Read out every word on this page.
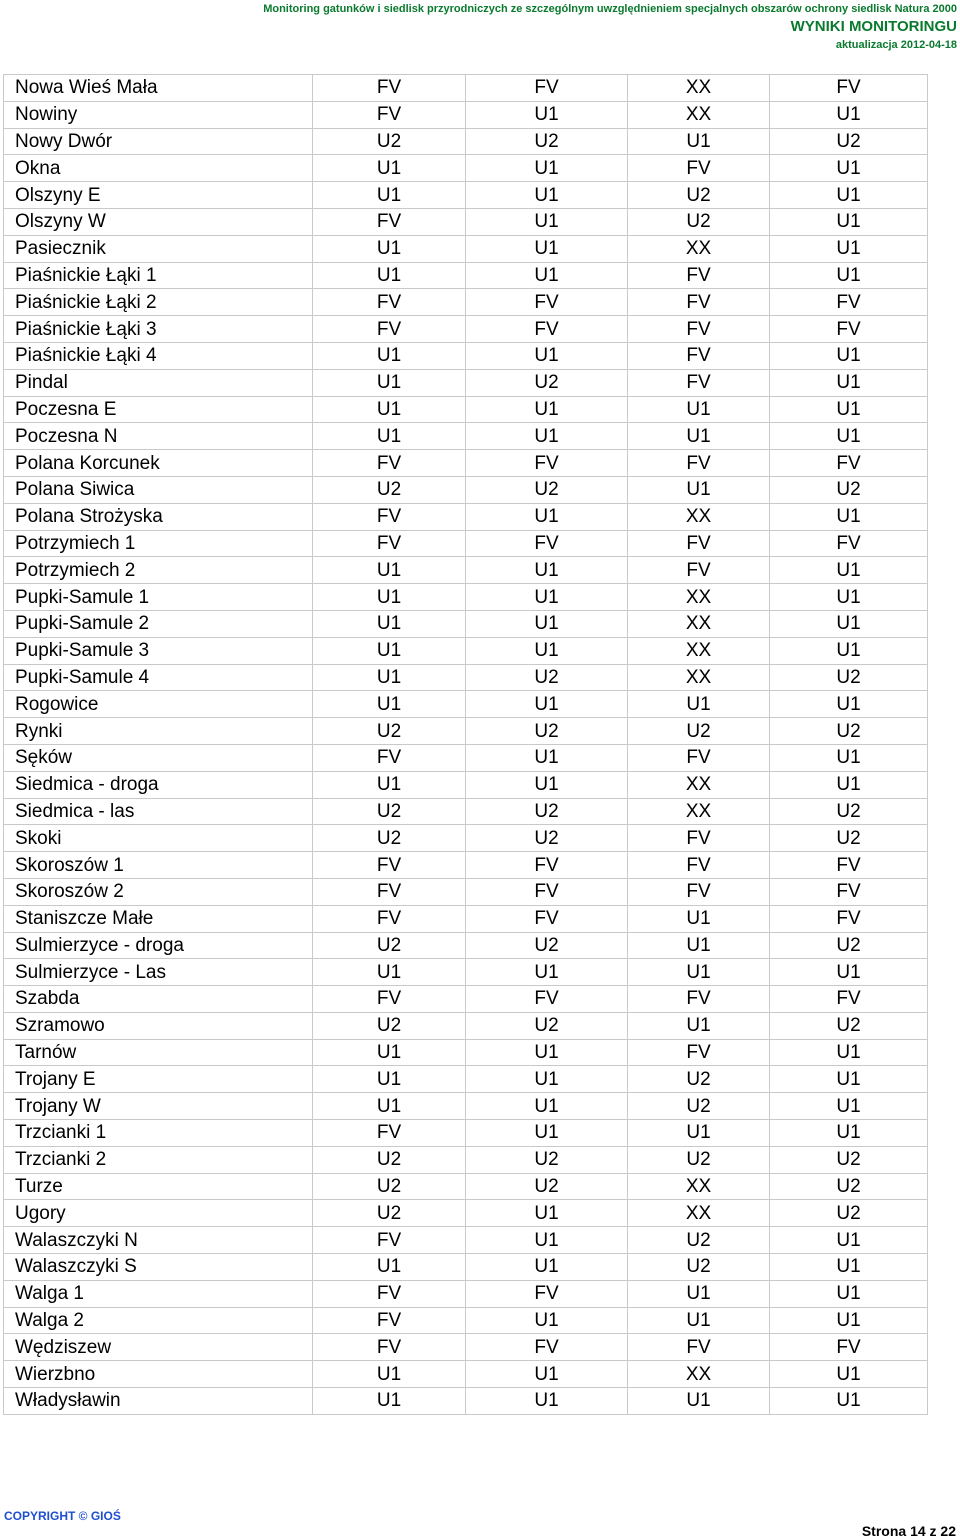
Monitoring gatunków i siedlisk przyrodniczych ze szczególnym uwzględnieniem specjalnych obszarów ochrony siedlisk Natura 2000
WYNIKI MONITORINGU
aktualizacja 2012-04-18
Nowa Wieś Mała	FV	FV	XX	FV
Nowiny	FV	U1	XX	U1
Nowy Dwór	U2	U2	U1	U2
Okna	U1	U1	FV	U1
Olszyny E	U1	U1	U2	U1
Olszyny W	FV	U1	U2	U1
Pasiecznik	U1	U1	XX	U1
Piaśnickie Łąki 1	U1	U1	FV	U1
Piaśnickie Łąki 2	FV	FV	FV	FV
Piaśnickie Łąki 3	FV	FV	FV	FV
Piaśnickie Łąki 4	U1	U1	FV	U1
Pindal	U1	U2	FV	U1
Poczesna E	U1	U1	U1	U1
Poczesna N	U1	U1	U1	U1
Polana Korcunek	FV	FV	FV	FV
Polana Siwica	U2	U2	U1	U2
Polana Strożyska	FV	U1	XX	U1
Potrzymiech 1	FV	FV	FV	FV
Potrzymiech 2	U1	U1	FV	U1
Pupki-Samule 1	U1	U1	XX	U1
Pupki-Samule 2	U1	U1	XX	U1
Pupki-Samule 3	U1	U1	XX	U1
Pupki-Samule 4	U1	U2	XX	U2
Rogowice	U1	U1	U1	U1
Rynki	U2	U2	U2	U2
Sęków	FV	U1	FV	U1
Siedmica - droga	U1	U1	XX	U1
Siedmica - las	U2	U2	XX	U2
Skoki	U2	U2	FV	U2
Skoroszów 1	FV	FV	FV	FV
Skoroszów 2	FV	FV	FV	FV
Staniszcze Małe	FV	FV	U1	FV
Sulmierzyce - droga	U2	U2	U1	U2
Sulmierzyce - Las	U1	U1	U1	U1
Szabda	FV	FV	FV	FV
Szramowo	U2	U2	U1	U2
Tarnów	U1	U1	FV	U1
Trojany E	U1	U1	U2	U1
Trojany W	U1	U1	U2	U1
Trzcianki 1	FV	U1	U1	U1
Trzcianki 2	U2	U2	U2	U2
Turze	U2	U2	XX	U2
Ugory	U2	U1	XX	U2
Walaszczyki N	FV	U1	U2	U1
Walaszczyki S	U1	U1	U2	U1
Walga 1	FV	FV	U1	U1
Walga 2	FV	U1	U1	U1
Wędziszew	FV	FV	FV	FV
Wierzbno	U1	U1	XX	U1
Władysławin	U1	U1	U1	U1
COPYRIGHT © GIOŚ
Strona 14 z 22
